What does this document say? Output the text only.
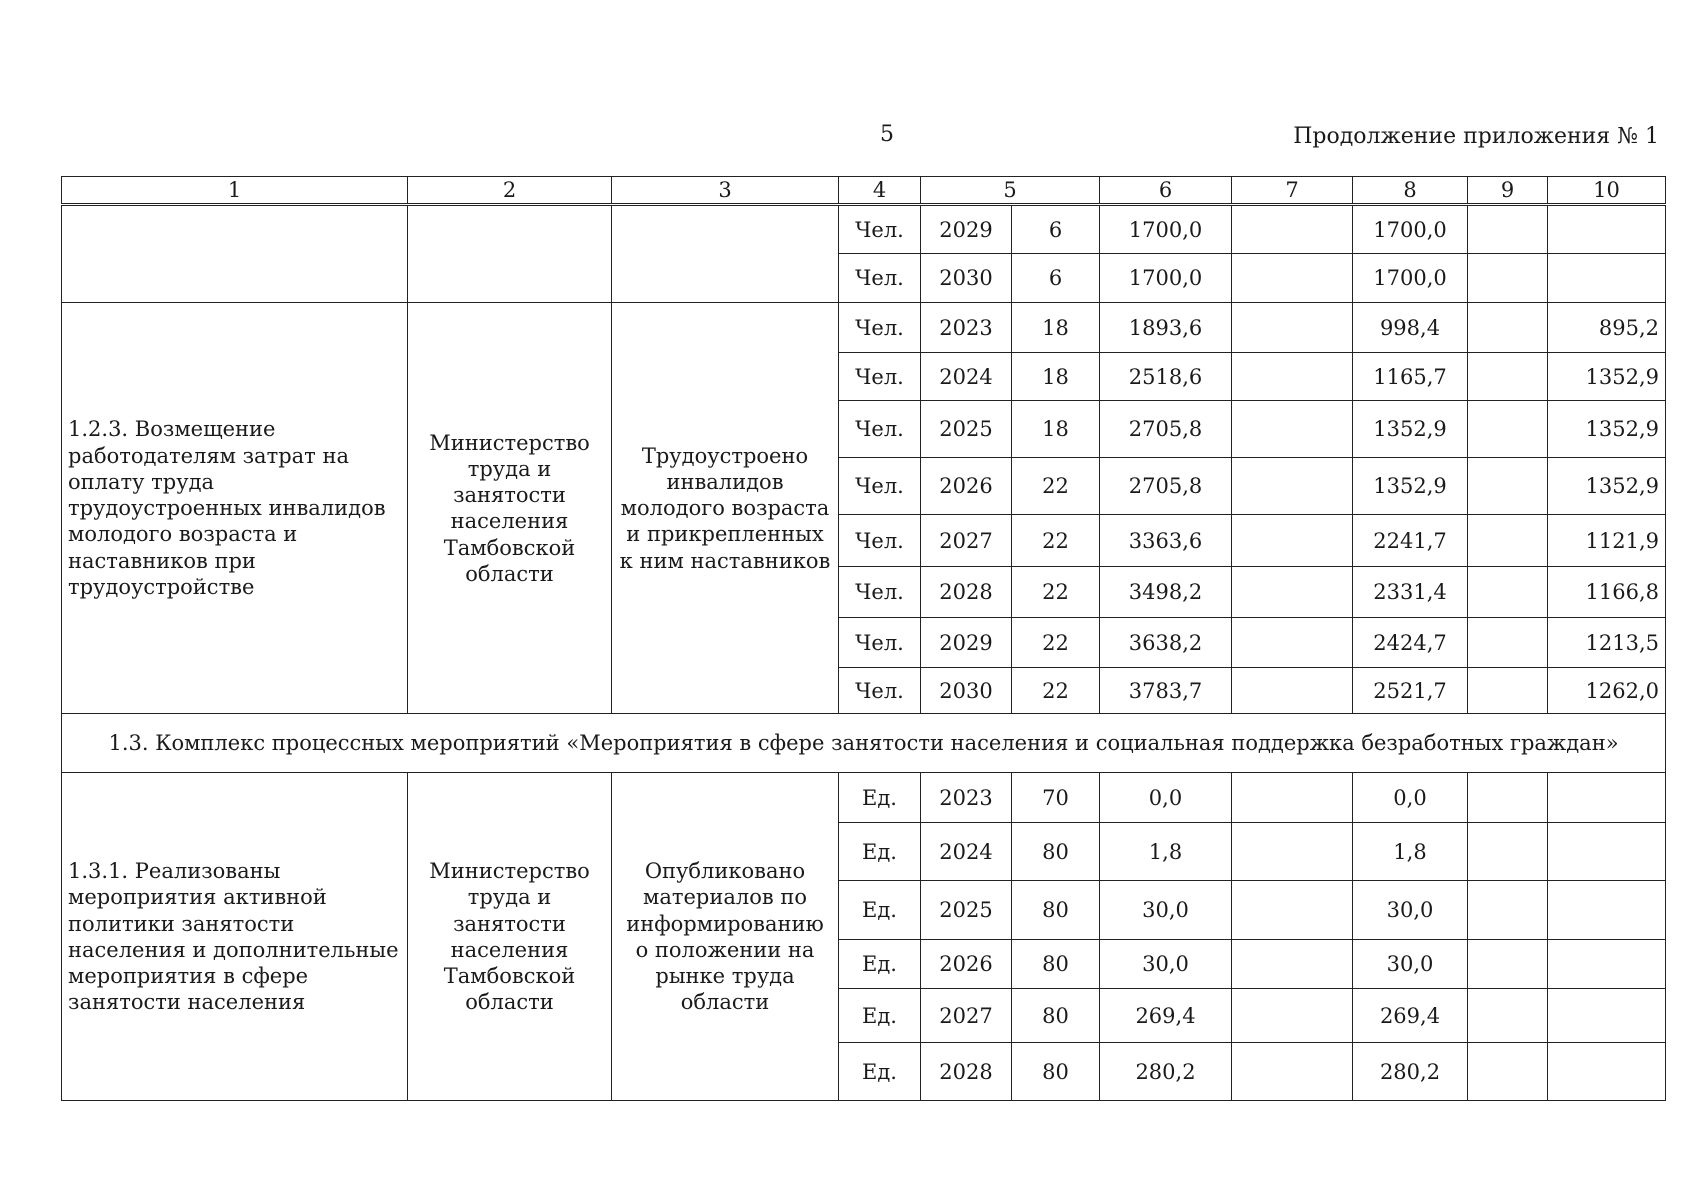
5	Продолжение приложения № 1
1	2	3	4	5		6	7	8	9	10
			Чел.	2029	6	1700,0		1700,0		
			Чел.	2030	6	1700,0		1700,0		
1.2.3. Возмещение работодателям затрат на оплату труда трудоустроенных инвалидов молодого возраста и наставников при трудоустройстве	Министерство труда и занятости населения Тамбовской области	Трудоустроено инвалидов молодого возраста и прикрепленных к ним наставников	Чел.	2023	18	1893,6		998,4		895,2
			Чел.	2024	18	2518,6		1165,7		1352,9
			Чел.	2025	18	2705,8		1352,9		1352,9
			Чел.	2026	22	2705,8		1352,9		1352,9
			Чел.	2027	22	3363,6		2241,7		1121,9
			Чел.	2028	22	3498,2		2331,4		1166,8
			Чел.	2029	22	3638,2		2424,7		1213,5
			Чел.	2030	22	3783,7		2521,7		1262,0
1.3. Комплекс процессных мероприятий «Мероприятия в сфере занятости населения и социальная поддержка безработных граждан»										
1.3.1. Реализованы мероприятия активной политики занятости населения и дополнительные мероприятия в сфере занятости населения	Министерство труда и занятости населения Тамбовской области	Опубликовано материалов по информированию о положении на рынке труда области	Ед.	2023	70	0,0		0,0		
			Ед.	2024	80	1,8		1,8		
			Ед.	2025	80	30,0		30,0		
			Ед.	2026	80	30,0		30,0		
			Ед.	2027	80	269,4		269,4		
			Ед.	2028	80	280,2		280,2		
